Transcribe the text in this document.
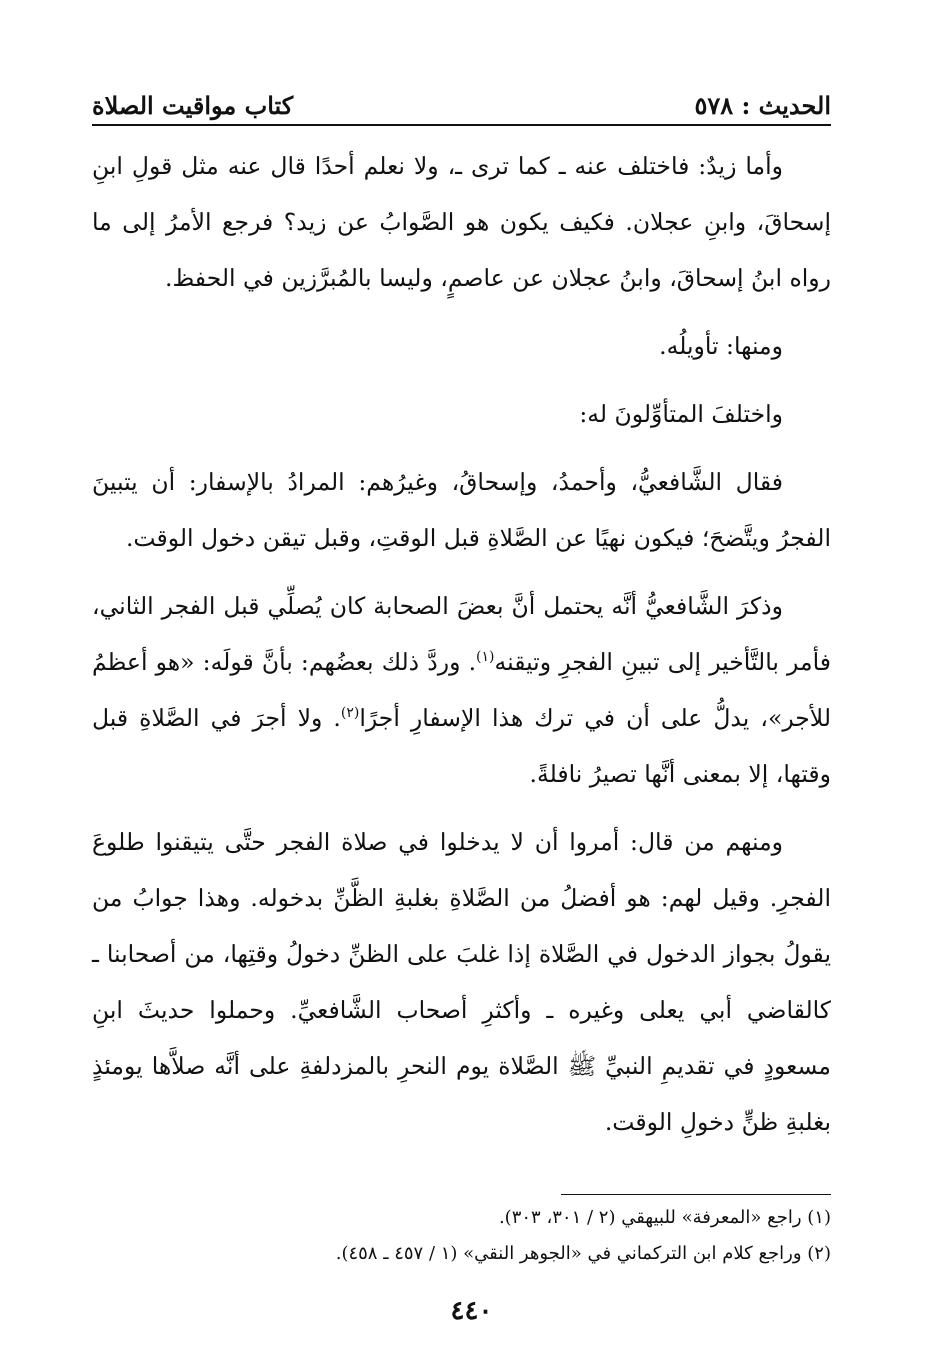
الحديث : ٥٧٨
كتاب مواقيت الصلاة

وأما زيدٌ: فاختلف عنه ـ كما ترى ـ، ولا نعلم أحدًا قال عنه مثل قولِ ابنِ إسحاقَ، وابنِ عجلان. فكيف يكون هو الصَّوابُ عن زيد؟ فرجع الأمرُ إلى ما رواه ابنُ إسحاقَ، وابنُ عجلان عن عاصمٍ، وليسا بالمُبرَّزين في الحفظ.

ومنها: تأويلُه.

واختلفَ المتأوِّلونَ له:

فقال الشَّافعيُّ، وأحمدُ، وإسحاقُ، وغيرُهم: المرادُ بالإسفار: أن يتبينَ الفجرُ ويتَّضحَ؛ فيكون نهيًا عن الصَّلاةِ قبل الوقتِ، وقبل تيقن دخول الوقت.

وذكرَ الشَّافعيُّ أنَّه يحتمل أنَّ بعضَ الصحابة كان يُصلِّي قبل الفجر الثاني، فأمر بالتَّأخير إلى تبينِ الفجرِ وتيقنه$^{(١)}$. وردَّ ذلك بعضُهم: بأنَّ قولَه: «هو أعظمُ للأجر»، يدلُّ على أن في ترك هذا الإسفارِ أجرًا$^{(٢)}$. ولا أجرَ في الصَّلاةِ قبل وقتها، إلا بمعنى أنَّها تصيرُ نافلةً.

ومنهم من قال: أمروا أن لا يدخلوا في صلاة الفجر حتَّى يتيقنوا طلوعَ الفجرِ. وقيل لهم: هو أفضلُ من الصَّلاةِ بغلبةِ الظَّنِّ بدخوله. وهذا جوابُ من يقولُ بجواز الدخول في الصَّلاة إذا غلبَ على الظنِّ دخولُ وقتِها، من أصحابنا ـ كالقاضي أبي يعلى وغيره ـ وأكثرِ أصحاب الشَّافعيِّ. وحملوا حديثَ ابنِ مسعودٍ في تقديمِ النبيِّ ﷺ الصَّلاة يوم النحرِ بالمزدلفةِ على أنَّه صلاَّها يومئذٍ بغلبةِ ظنٍّ دخولِ الوقت.

(١) راجع «المعرفة» للبيهقي (٢ / ٣٠١، ٣٠٣).
(٢) وراجع كلام ابن التركماني في «الجوهر النقي» (١ / ٤٥٧ ـ ٤٥٨).
٤٤٠
